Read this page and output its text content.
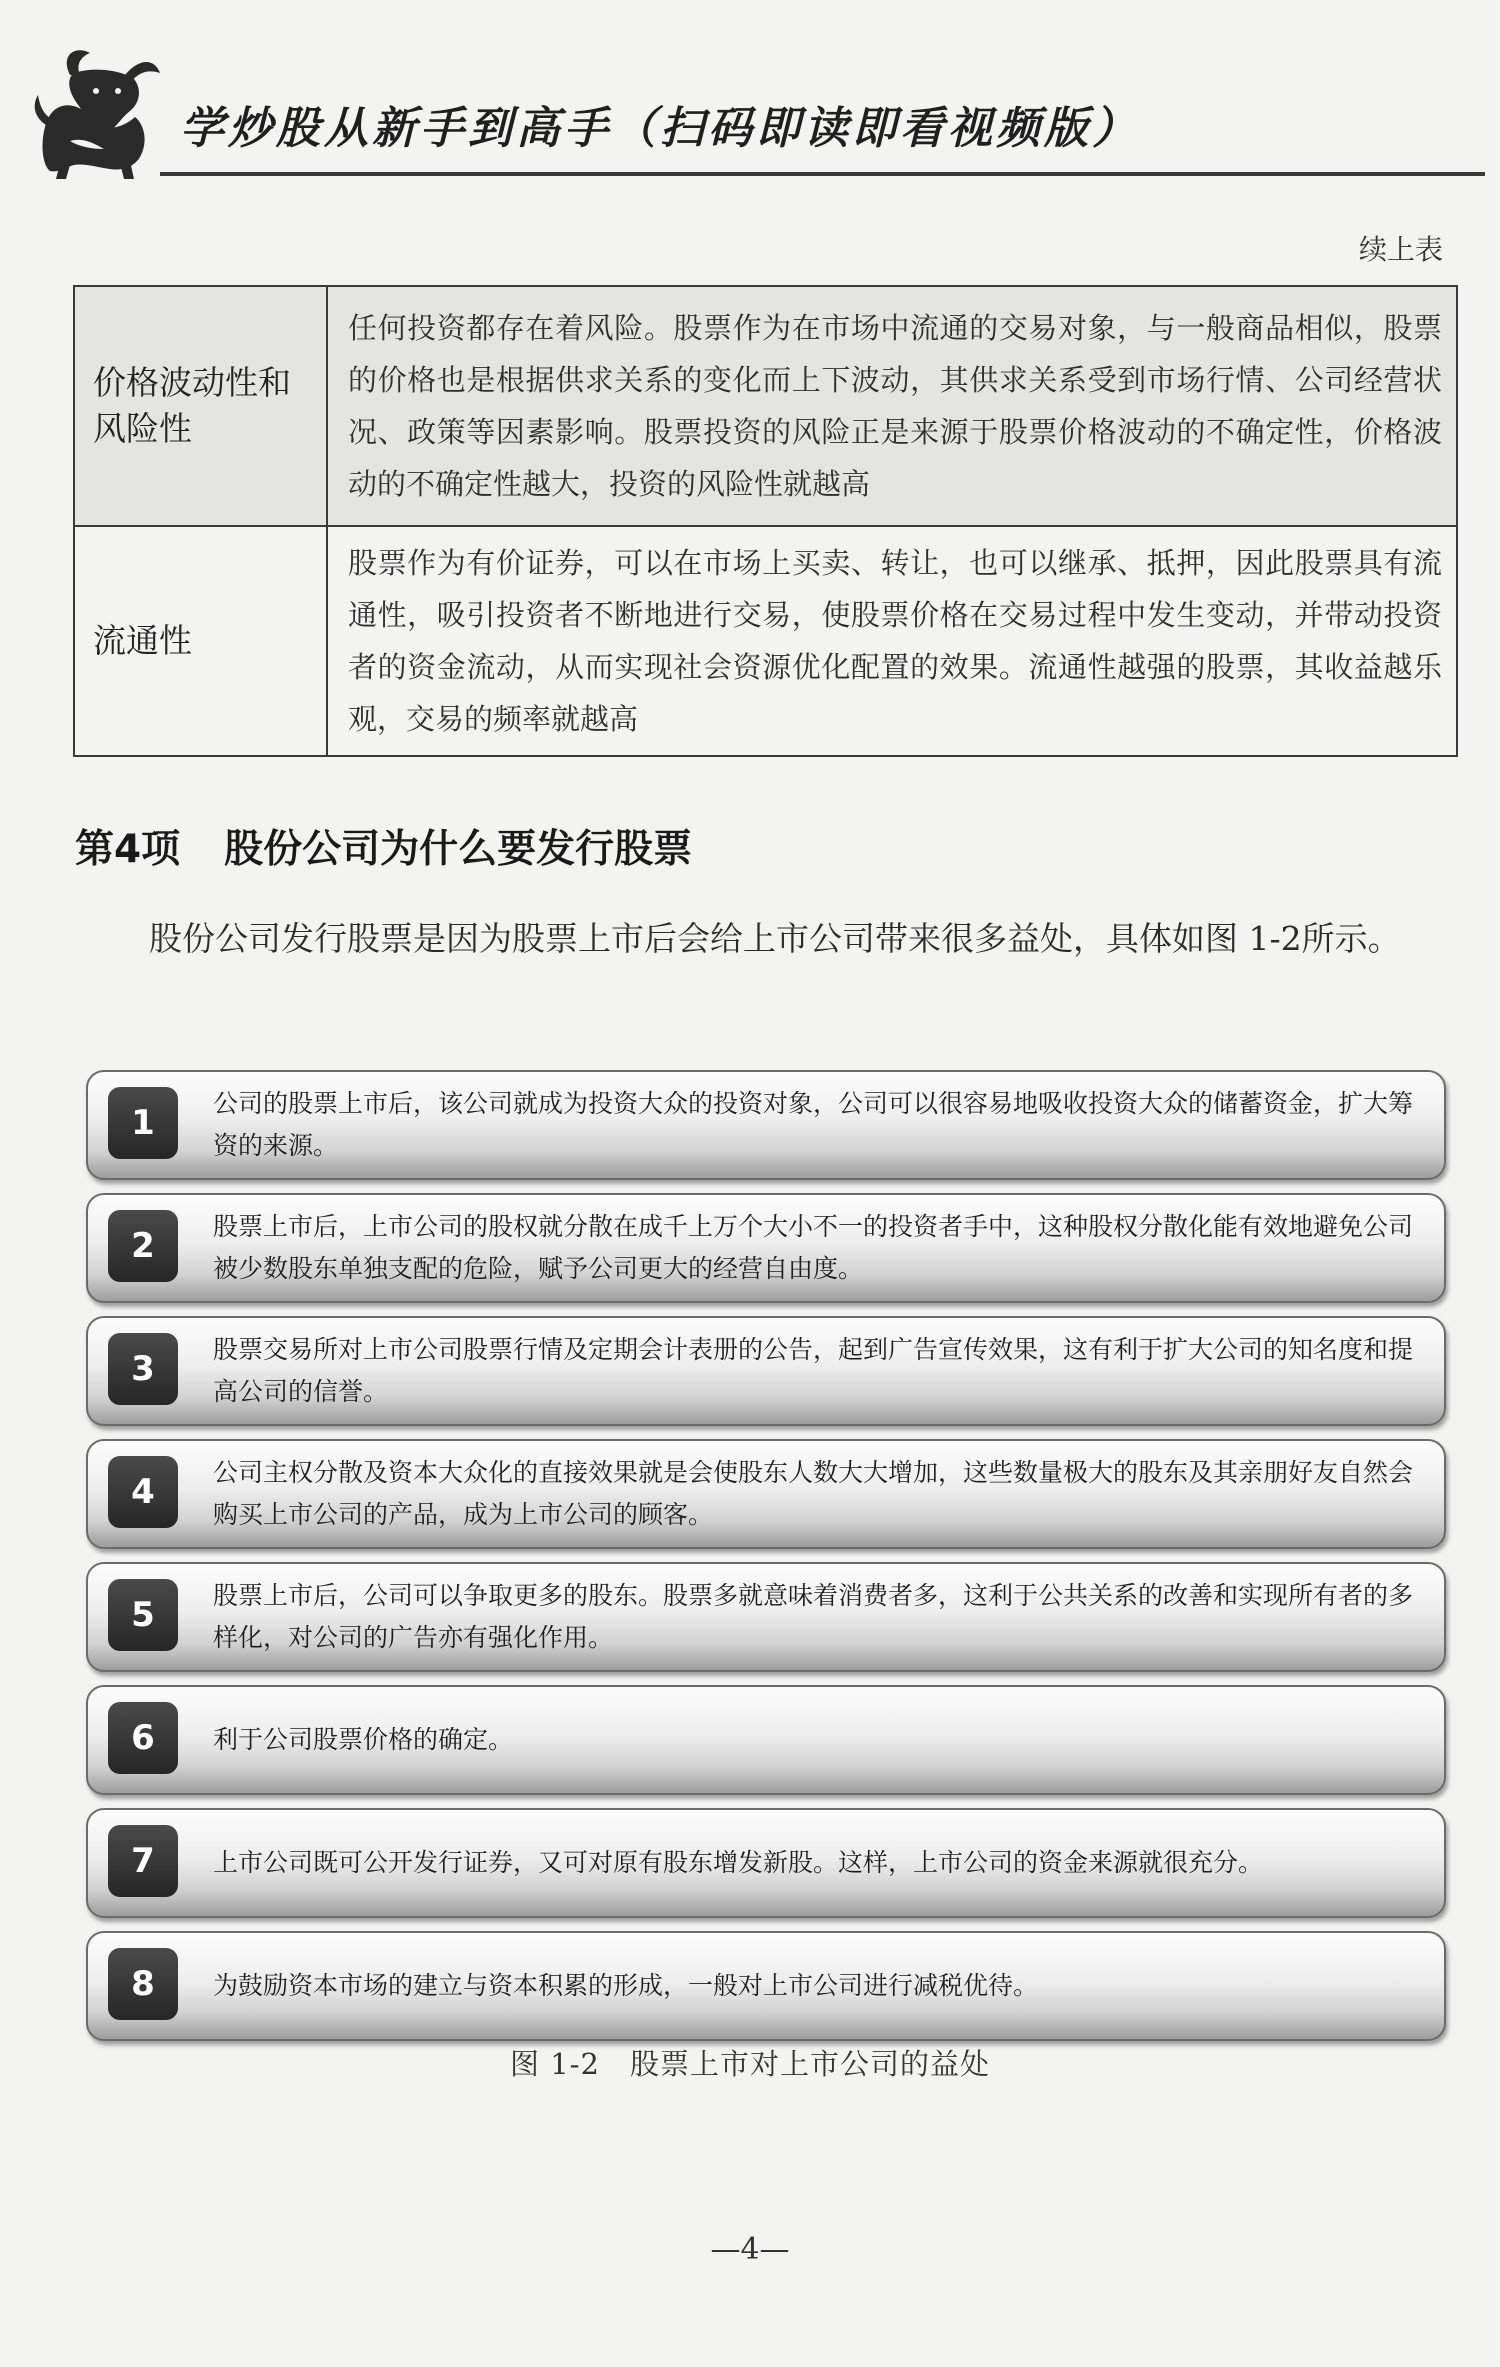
学炒股从新手到高手（扫码即读即看视频版）
续上表
价格波动性和风险性	任何投资都存在着风险。股票作为在市场中流通的交易对象，与一般商品相似，股票的价格也是根据供求关系的变化而上下波动，其供求关系受到市场行情、公司经营状况、政策等因素影响。股票投资的风险正是来源于股票价格波动的不确定性，价格波动的不确定性越大，投资的风险性就越高
流通性	股票作为有价证券，可以在市场上买卖、转让，也可以继承、抵押，因此股票具有流通性，吸引投资者不断地进行交易，使股票价格在交易过程中发生变动，并带动投资者的资金流动，从而实现社会资源优化配置的效果。流通性越强的股票，其收益越乐观，交易的频率就越高
第4项 股份公司为什么要发行股票
股份公司发行股票是因为股票上市后会给上市公司带来很多益处，具体如图 1-2所示。
1	公司的股票上市后，该公司就成为投资大众的投资对象，公司可以很容易地吸收投资大众的储蓄资金，扩大筹资的来源。
2	股票上市后，上市公司的股权就分散在成千上万个大小不一的投资者手中，这种股权分散化能有效地避免公司被少数股东单独支配的危险，赋予公司更大的经营自由度。
3	股票交易所对上市公司股票行情及定期会计表册的公告，起到广告宣传效果，这有利于扩大公司的知名度和提高公司的信誉。
4	公司主权分散及资本大众化的直接效果就是会使股东人数大大增加，这些数量极大的股东及其亲朋好友自然会购买上市公司的产品，成为上市公司的顾客。
5	股票上市后，公司可以争取更多的股东。股票多就意味着消费者多，这利于公共关系的改善和实现所有者的多样化，对公司的广告亦有强化作用。
6	利于公司股票价格的确定。
7	上市公司既可公开发行证券，又可对原有股东增发新股。这样，上市公司的资金来源就很充分。
8	为鼓励资本市场的建立与资本积累的形成，一般对上市公司进行减税优待。
图 1-2 股票上市对上市公司的益处
—4—
